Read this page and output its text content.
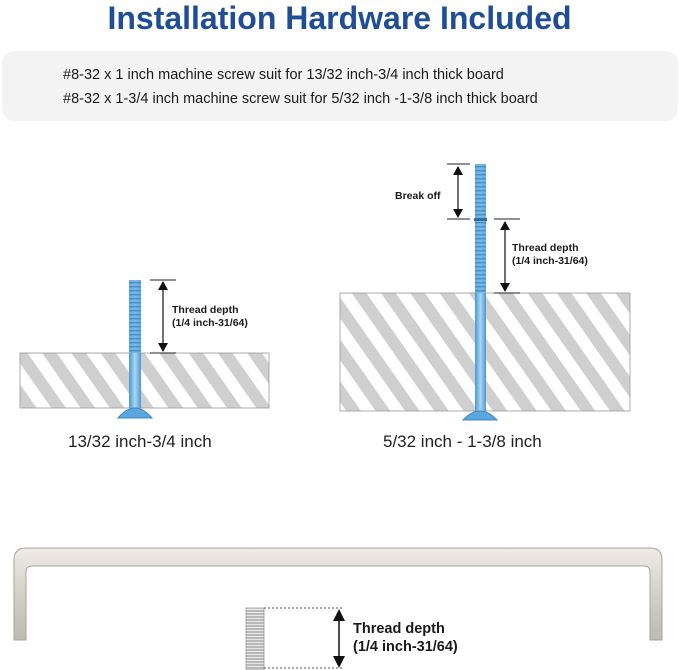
Installation Hardware Included
#8-32 x 1 inch machine screw suit for 13/32 inch-3/4 inch thick board
#8-32 x 1-3/4 inch machine screw suit for 5/32 inch -1-3/8 inch thick board
Thread depth
(1/4 inch-31/64)
Break off
Thread depth
(1/4 inch-31/64)
13/32 inch-3/4 inch	5/32 inch - 1-3/8 inch
Thread depth
(1/4 inch-31/64)
